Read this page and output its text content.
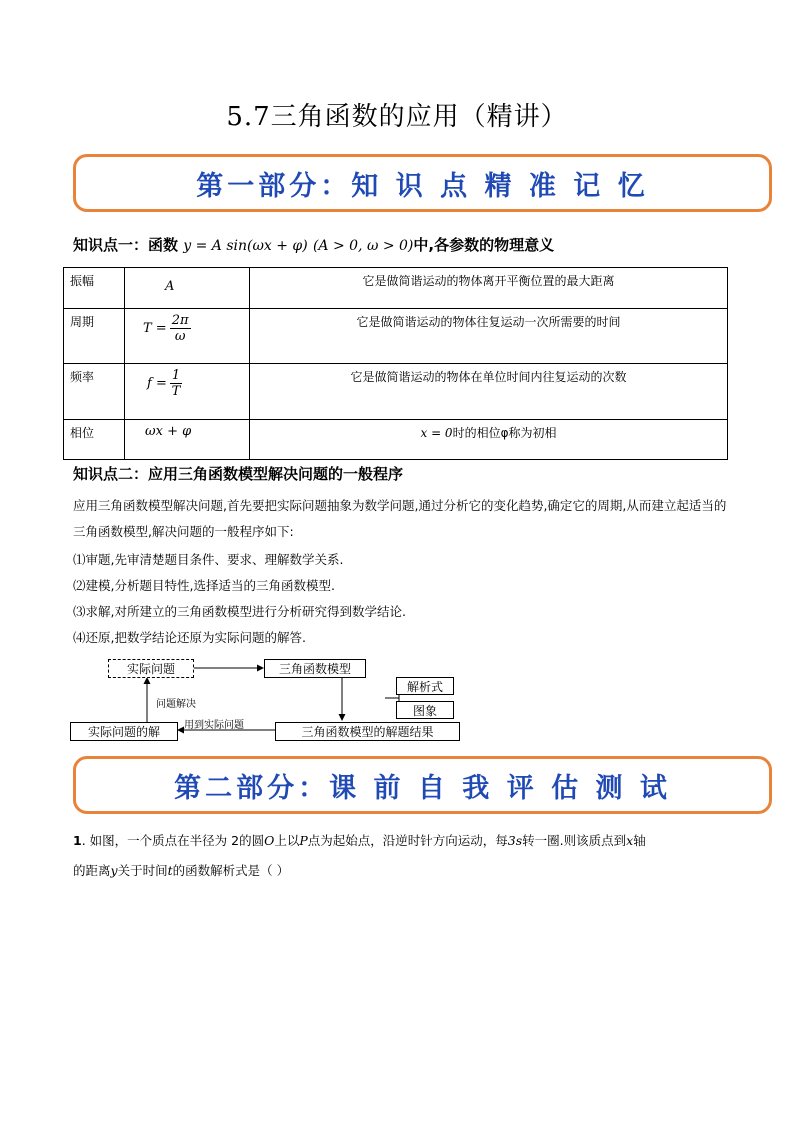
5.7三角函数的应用（精讲）
第一部分：知 识 点 精 准 记 忆
知识点一：函数 y = A sin(ωx + φ) (A > 0, ω > 0)中,各参数的物理意义
振幅	A	它是做简谐运动的物体离开平衡位置的最大距离
周期	$T = \frac{2\pi}{\omega}$	它是做简谐运动的物体往复运动一次所需要的时间
频率	$f = \frac{1}{T}$	它是做简谐运动的物体在单位时间内往复运动的次数
相位	ωx + φ	x = 0时的相位φ称为初相
知识点二：应用三角函数模型解决问题的一般程序
应用三角函数模型解决问题,首先要把实际问题抽象为数学问题,通过分析它的变化趋势,确定它的周期,从而建立起适当的三角函数模型,解决问题的一般程序如下:
⑴审题,先审清楚题目条件、要求、理解数学关系.
⑵建模,分析题目特性,选择适当的三角函数模型.
⑶求解,对所建立的三角函数模型进行分析研究得到数学结论.
⑷还原,把数学结论还原为实际问题的解答.
实际问题	三角函数模型
解析式
图象
问题解决
用到实际问题	三角函数模型的解题结果
实际问题的解
第二部分：课 前 自 我 评 估 测 试
1. 如图，一个质点在半径为 2的圆O上以P点为起始点，沿逆时针方向运动，每3s转一圈.则该质点到x轴
的距离y关于时间t的函数解析式是（ ）
